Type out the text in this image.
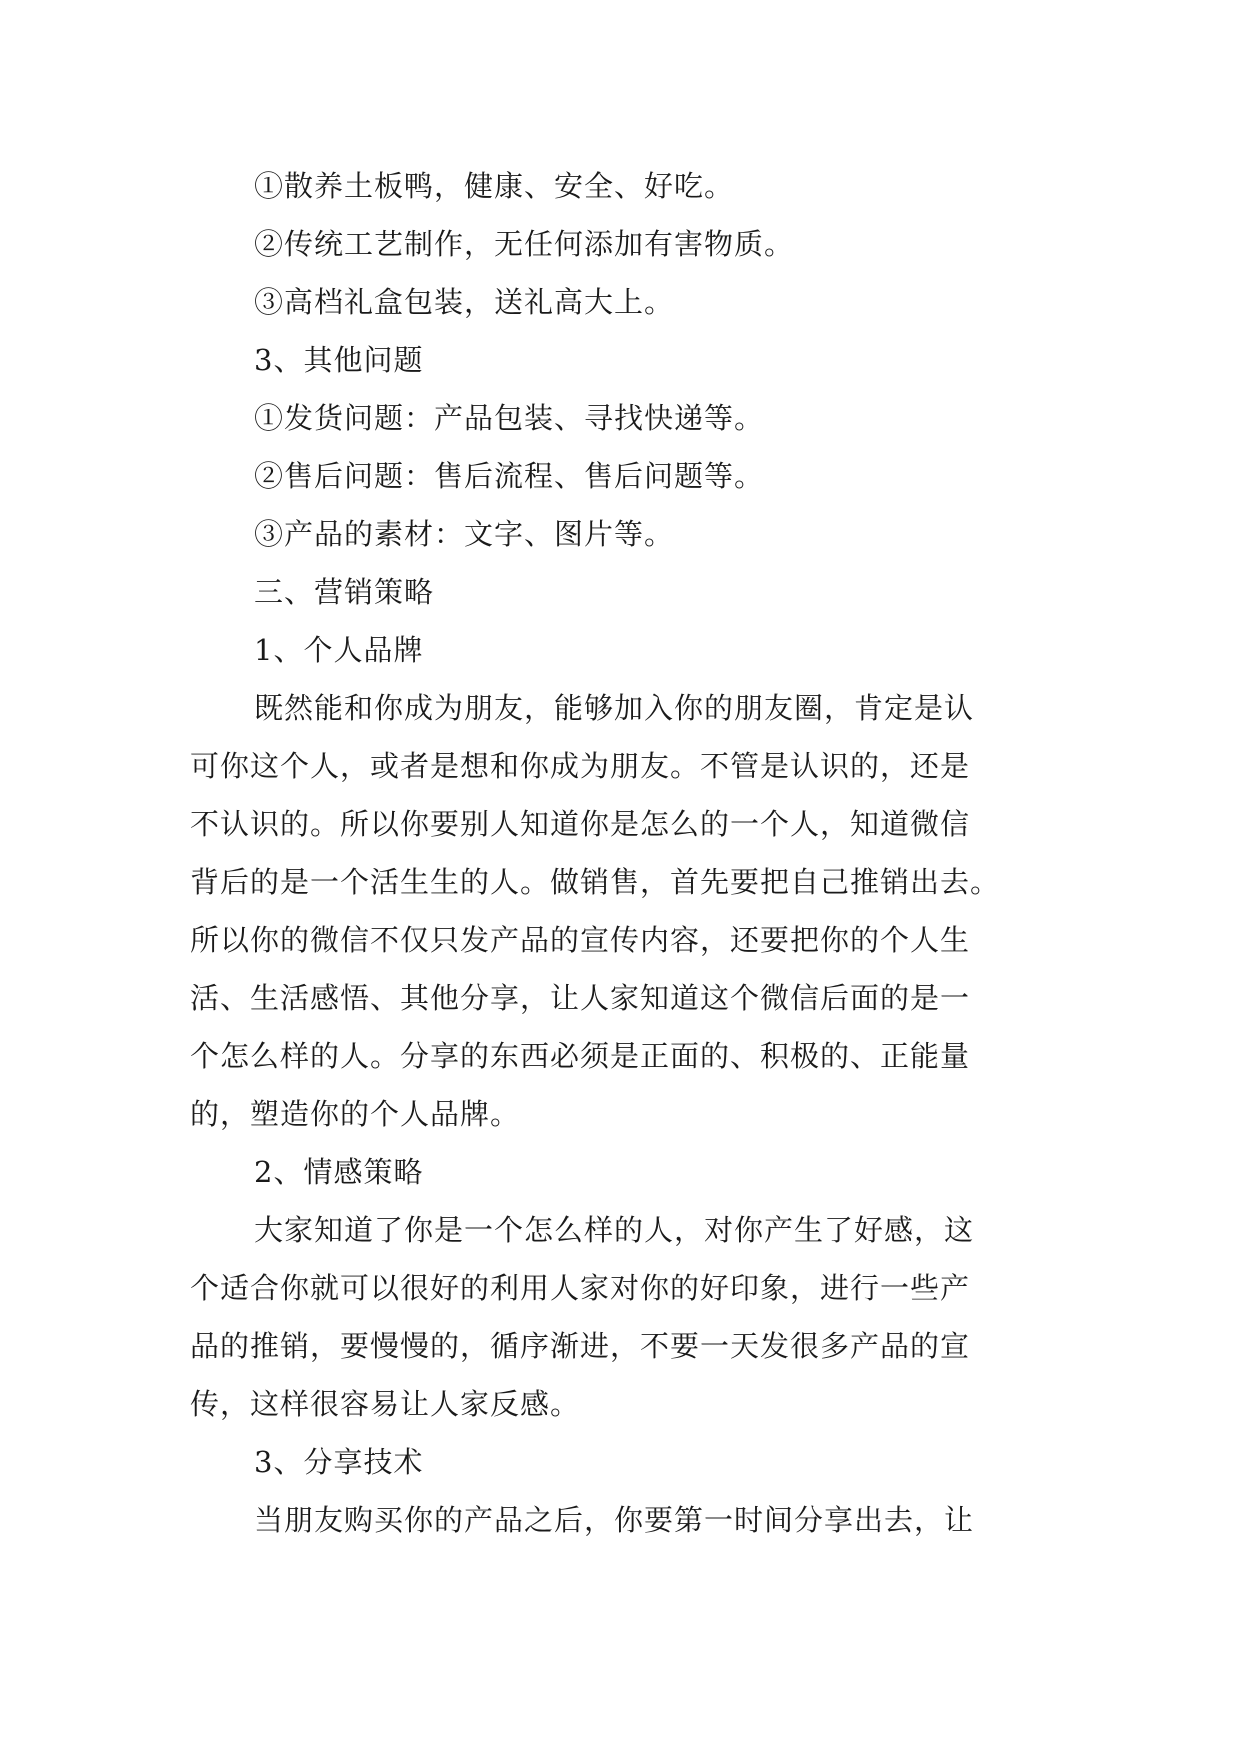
①散养土板鸭，健康、安全、好吃。
②传统工艺制作，无任何添加有害物质。
③高档礼盒包装，送礼高大上。
3、其他问题
①发货问题：产品包装、寻找快递等。
②售后问题：售后流程、售后问题等。
③产品的素材：文字、图片等。
三、营销策略
1、个人品牌
既然能和你成为朋友，能够加入你的朋友圈，肯定是认
可你这个人，或者是想和你成为朋友。不管是认识的，还是
不认识的。所以你要别人知道你是怎么的一个人，知道微信
背后的是一个活生生的人。做销售，首先要把自己推销出去。
所以你的微信不仅只发产品的宣传内容，还要把你的个人生
活、生活感悟、其他分享，让人家知道这个微信后面的是一
个怎么样的人。分享的东西必须是正面的、积极的、正能量
的，塑造你的个人品牌。
2、情感策略
大家知道了你是一个怎么样的人，对你产生了好感，这
个适合你就可以很好的利用人家对你的好印象，进行一些产
品的推销，要慢慢的，循序渐进，不要一天发很多产品的宣
传，这样很容易让人家反感。
3、分享技术
当朋友购买你的产品之后，你要第一时间分享出去，让
